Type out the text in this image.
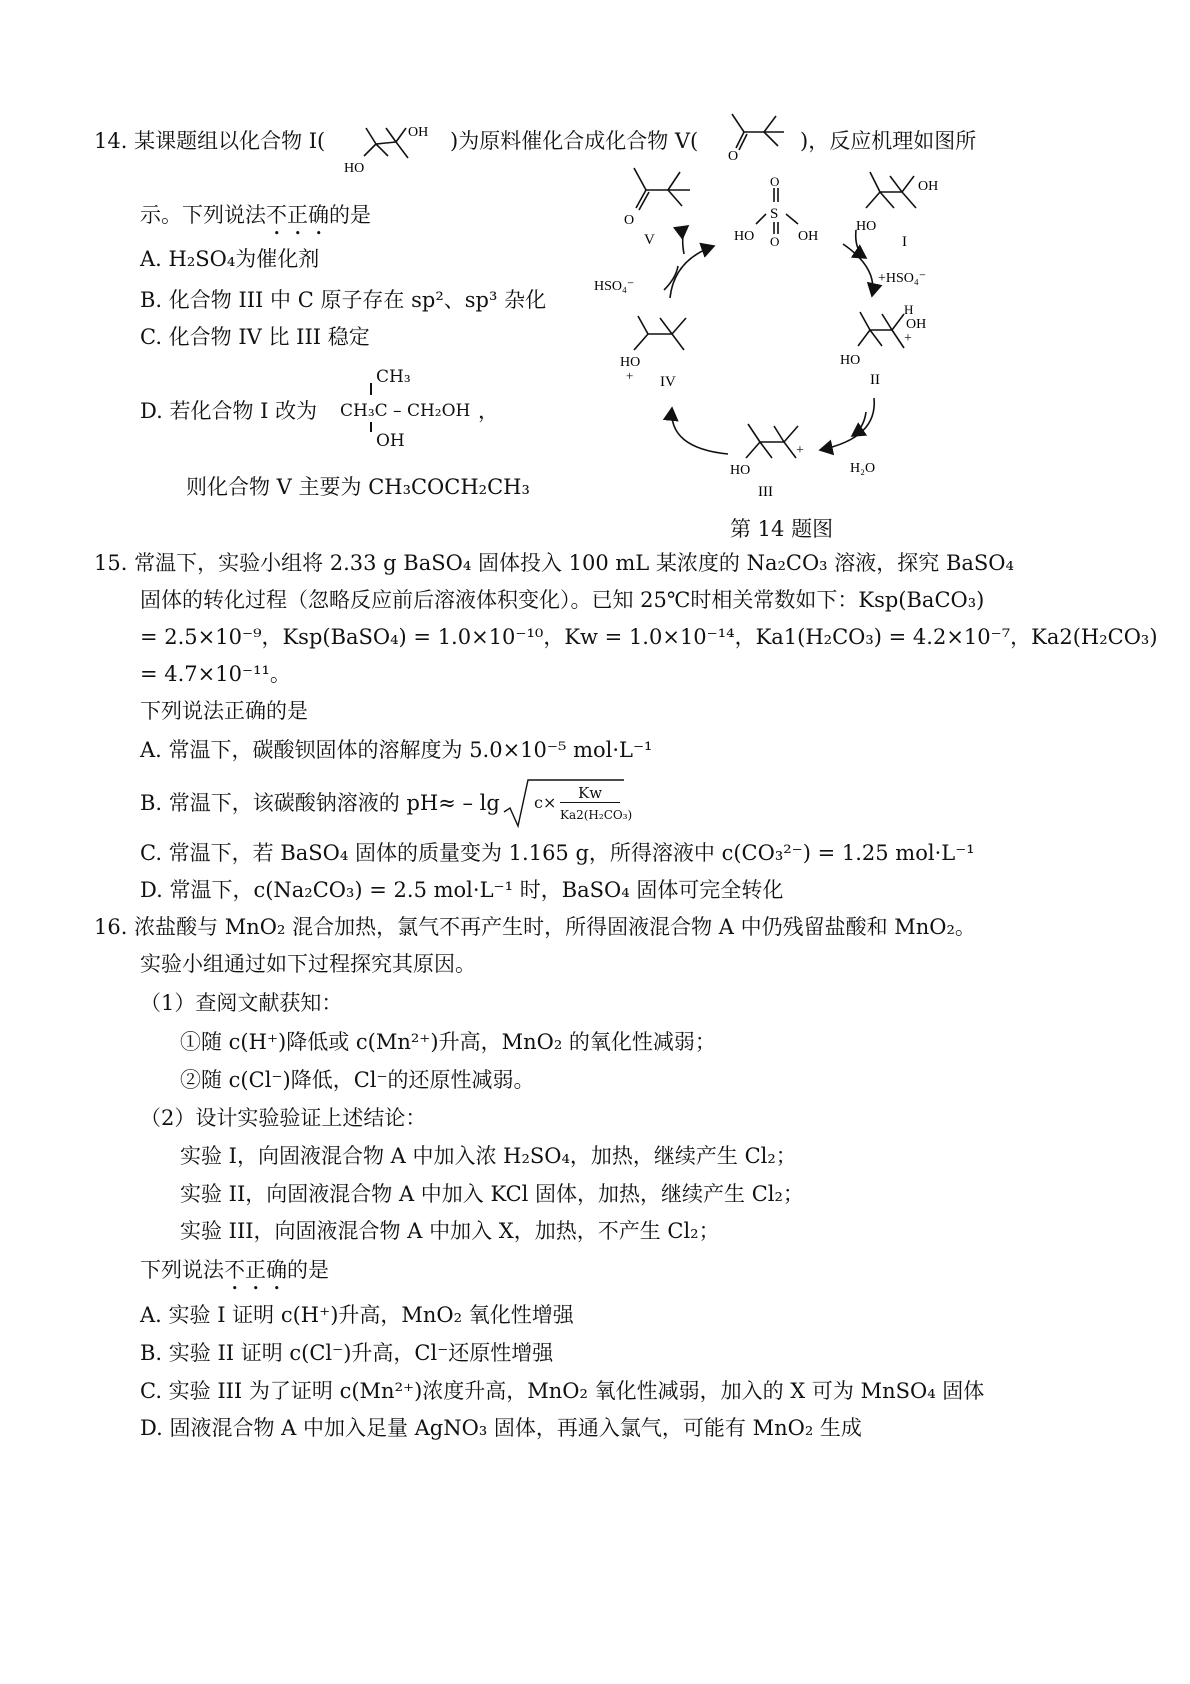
14. 某课题组以化合物 I(	OH
HO
)为原料催化合成化合物 V(
O
)，反应机理如图所
示。下列说法不正确的是
A. H₂SO₄为催化剂
B. 化合物 III 中 C 原子存在 sp²、sp³ 杂化
C. 化合物 IV 比 III 稳定
D. 若化合物 I 改为
CH₃
CH₃C – CH₂OH
OH
，
则化合物 V 主要为 CH₃COCH₂CH₃
O
V
O
S
O
HO	OH
HO
OH
I
HSO₄⁻
+HSO₄⁻
H
OH
+
HO
II
HO
+ IV
+
HO
III
H₂O
第 14 题图
15. 常温下，实验小组将 2.33 g BaSO₄ 固体投入 100 mL 某浓度的 Na₂CO₃ 溶液，探究 BaSO₄
固体的转化过程（忽略反应前后溶液体积变化）。已知 25℃时相关常数如下：Ksp(BaCO₃)
= 2.5×10⁻⁹，Ksp(BaSO₄) = 1.0×10⁻¹⁰，Kw = 1.0×10⁻¹⁴，Ka1(H₂CO₃) = 4.2×10⁻⁷，Ka2(H₂CO₃)
= 4.7×10⁻¹¹。
下列说法正确的是
A. 常温下，碳酸钡固体的溶解度为 5.0×10⁻⁵ mol·L⁻¹
B. 常温下，该碳酸钠溶液的 pH≈ – lg c× Kw
Ka2(H₂CO₃)
C. 常温下，若 BaSO₄ 固体的质量变为 1.165 g，所得溶液中 c(CO₃²⁻) = 1.25 mol·L⁻¹
D. 常温下，c(Na₂CO₃) = 2.5 mol·L⁻¹ 时，BaSO₄ 固体可完全转化
16. 浓盐酸与 MnO₂ 混合加热，氯气不再产生时，所得固液混合物 A 中仍残留盐酸和 MnO₂。
实验小组通过如下过程探究其原因。
（1）查阅文献获知：
①随 c(H⁺)降低或 c(Mn²⁺)升高，MnO₂ 的氧化性减弱；
②随 c(Cl⁻)降低，Cl⁻的还原性减弱。
（2）设计实验验证上述结论：
实验 I，向固液混合物 A 中加入浓 H₂SO₄，加热，继续产生 Cl₂；
实验 II，向固液混合物 A 中加入 KCl 固体，加热，继续产生 Cl₂；
实验 III，向固液混合物 A 中加入 X，加热，不产生 Cl₂；
下列说法不正确的是
A. 实验 I 证明 c(H⁺)升高，MnO₂ 氧化性增强
B. 实验 II 证明 c(Cl⁻)升高，Cl⁻还原性增强
C. 实验 III 为了证明 c(Mn²⁺)浓度升高，MnO₂ 氧化性减弱，加入的 X 可为 MnSO₄ 固体
D. 固液混合物 A 中加入足量 AgNO₃ 固体，再通入氯气，可能有 MnO₂ 生成
